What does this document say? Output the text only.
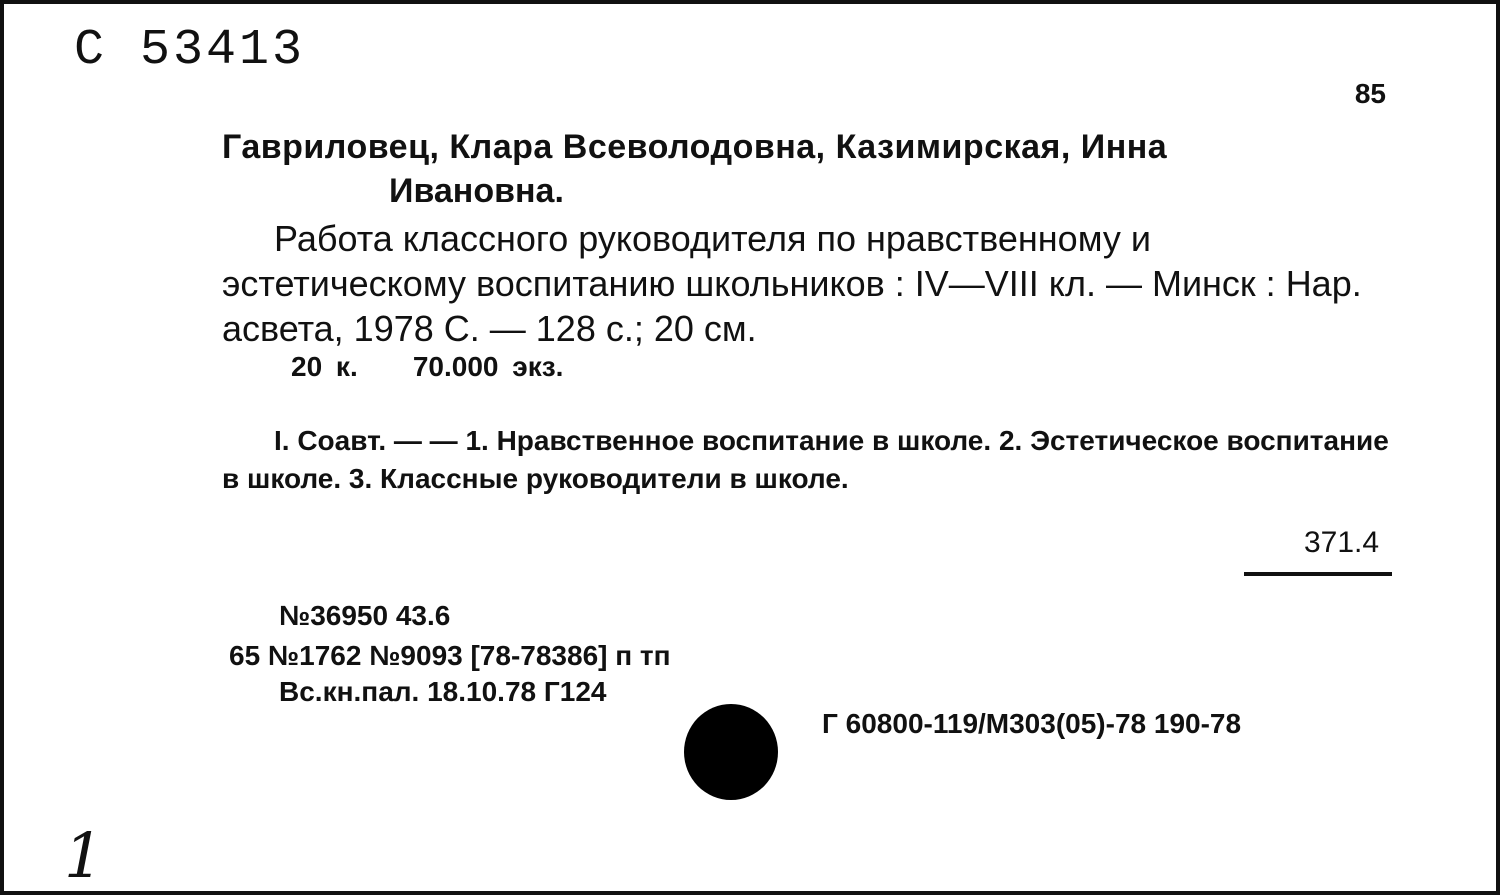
С 53413
85
Гавриловец, Клара Всеволодовна, Казимирская, Инна
Ивановна.
Работа классного руководителя по нравственному и эстетическому воспитанию школьников : IV—VIII кл. — Минск : Нар. асвета, 1978 С. — 128 с.; 20 см.
20 к. 70.000 экз.
I. Соавт. — — 1. Нравственное воспитание в школе. 2. Эстетическое воспитание в школе. 3. Классные руководители в школе.
371.4
№36950 43.6
65 №1762 №9093 [78-78386] п тп
Вс.кн.пал. 18.10.78 Г124
Г 60800-119/М303(05)-78 190-78
1
